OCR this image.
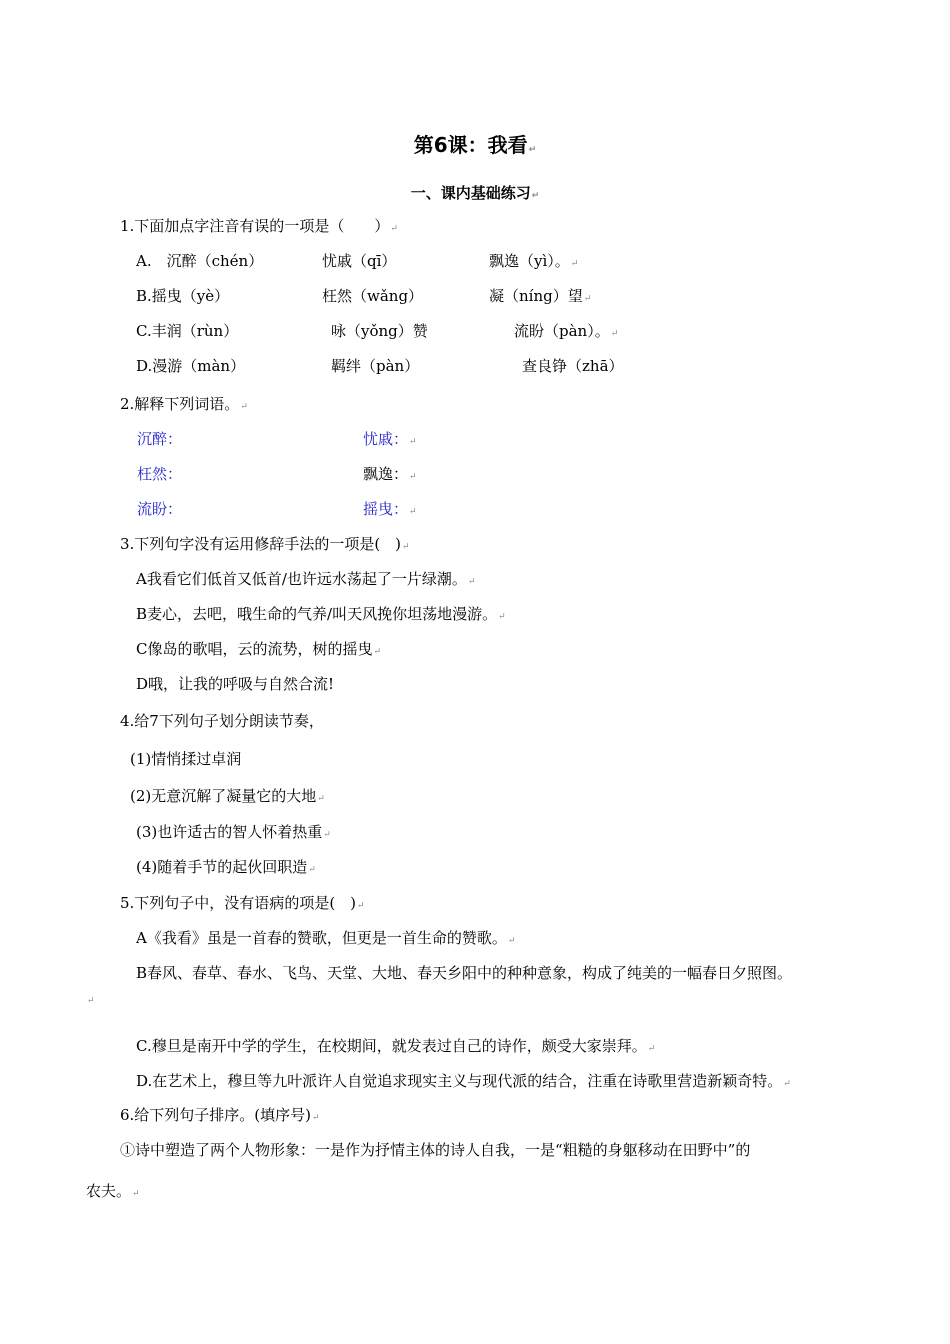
第6课：我看↵
一、课内基础练习↵
1.下面加点字注音有误的一项是（　　）↵
A.　沉醉（chén）	忧戚（qī）	飘逸（yì）。↵
B.摇曳（yè）	枉然（wǎng）	凝（níng）望↵
C.丰润（rùn）	咏（yǒng）赞	流盼（pàn）。↵
D.漫游（màn）	羁绊（pàn）	查良铮（zhā）
2.解释下列词语。↵
沉醉：	忧戚：↵
枉然：	飘逸：↵
流盼：	摇曳：↵
3.下列句字没有运用修辞手法的一项是(　)↵
A我看它们低首又低首/也许远水荡起了一片绿潮。↵
B麦心，去吧，哦生命的气养/叫天风挽你坦荡地漫游。↵
C像岛的歌唱，云的流势，树的摇曳↵
D哦，让我的呼吸与自然合流!
4.给7下列句子划分朗读节奏，
(1)情悄揉过卓润
(2)无意沉解了凝量它的大地↵
(3)也许适古的智人怀着热重↵
(4)随着手节的起伙回职造↵
5.下列句子中，没有语病的项是(　)↵
A《我看》虽是一首春的赞歌，但更是一首生命的赞歌。↵
B春风、春草、春水、飞鸟、天堂、大地、春天乡阳中的种种意象，构成了纯美的一幅春日夕照图。
↵
C.穆旦是南开中学的学生，在校期间，就发表过自己的诗作，颇受大家崇拜。↵
D.在艺术上，穆旦等九叶派许人自觉追求现实主义与现代派的结合，注重在诗歌里营造新颖奇特。↵
6.给下列句子排序。(填序号)↵
①诗中塑造了两个人物形象：一是作为抒情主体的诗人自我，一是“粗糙的身躯移动在田野中”的
农夫。↵
